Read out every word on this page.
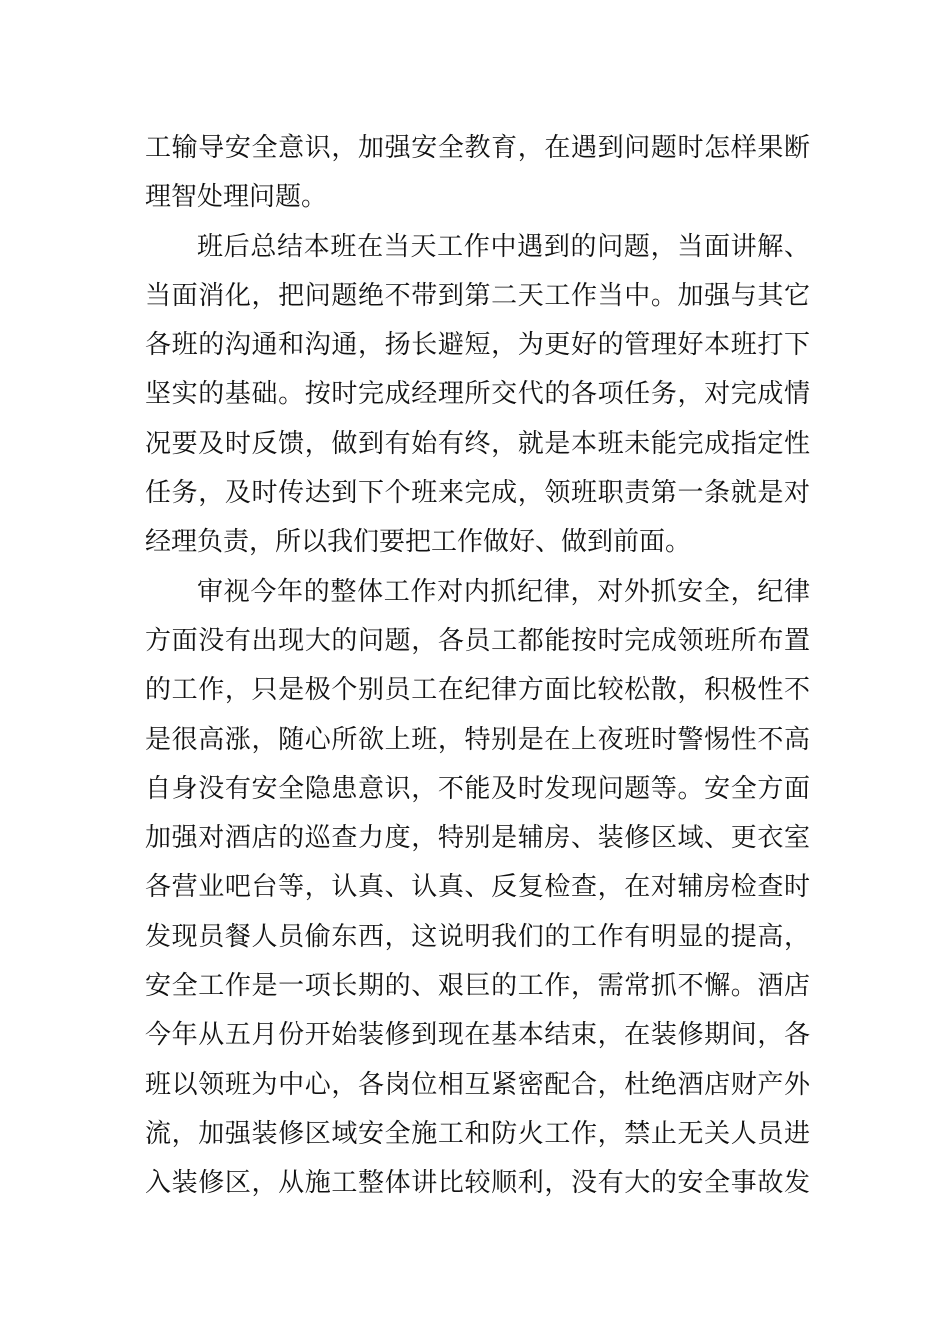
工输导安全意识，加强安全教育，在遇到问题时怎样果断
理智处理问题。
班后总结本班在当天工作中遇到的问题，当面讲解、
当面消化，把问题绝不带到第二天工作当中。加强与其它
各班的沟通和沟通，扬长避短，为更好的管理好本班打下
坚实的基础。按时完成经理所交代的各项任务，对完成情
况要及时反馈，做到有始有终，就是本班未能完成指定性
任务，及时传达到下个班来完成，领班职责第一条就是对
经理负责，所以我们要把工作做好、做到前面。
审视今年的整体工作对内抓纪律，对外抓安全，纪律
方面没有出现大的问题，各员工都能按时完成领班所布置
的工作，只是极个别员工在纪律方面比较松散，积极性不
是很高涨，随心所欲上班，特别是在上夜班时警惕性不高
自身没有安全隐患意识，不能及时发现问题等。安全方面
加强对酒店的巡查力度，特别是辅房、装修区域、更衣室
各营业吧台等，认真、认真、反复检查，在对辅房检查时
发现员餐人员偷东西，这说明我们的工作有明显的提高，
安全工作是一项长期的、艰巨的工作，需常抓不懈。酒店
今年从五月份开始装修到现在基本结束，在装修期间，各
班以领班为中心，各岗位相互紧密配合，杜绝酒店财产外
流，加强装修区域安全施工和防火工作，禁止无关人员进
入装修区，从施工整体讲比较顺利，没有大的安全事故发
